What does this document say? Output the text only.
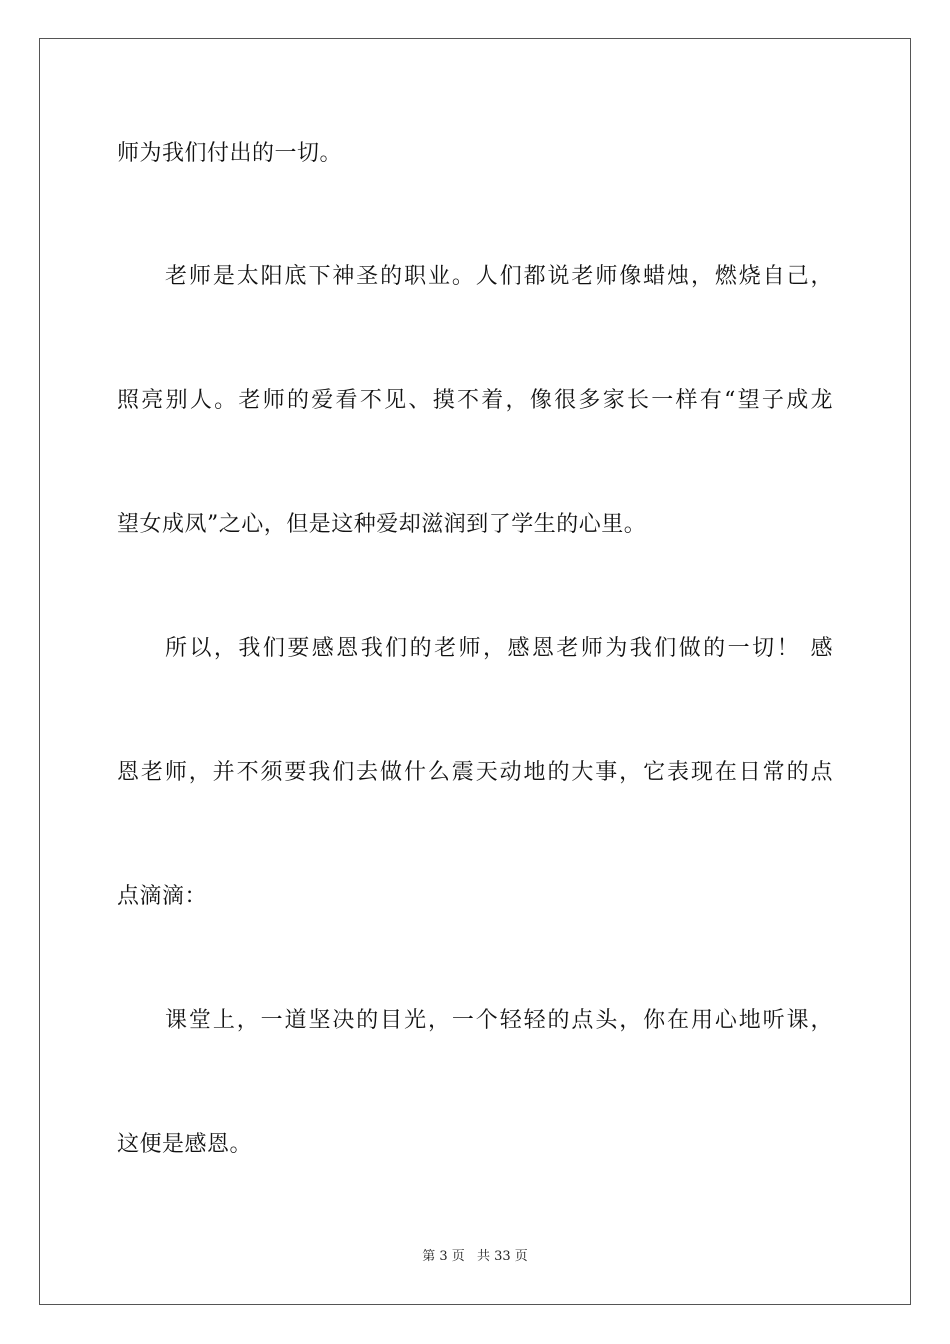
师为我们付出的一切。
老师是太阳底下神圣的职业。人们都说老师像蜡烛，燃烧自己，
照亮别人。老师的爱看不见、摸不着，像很多家长一样有“望子成龙
望女成凤”之心，但是这种爱却滋润到了学生的心里。
所以，我们要感恩我们的老师，感恩老师为我们做的一切！ 感
恩老师，并不须要我们去做什么震天动地的大事，它表现在日常的点
点滴滴：
课堂上，一道坚决的目光，一个轻轻的点头，你在用心地听课，
这便是感恩。
第 3 页 共 33 页
